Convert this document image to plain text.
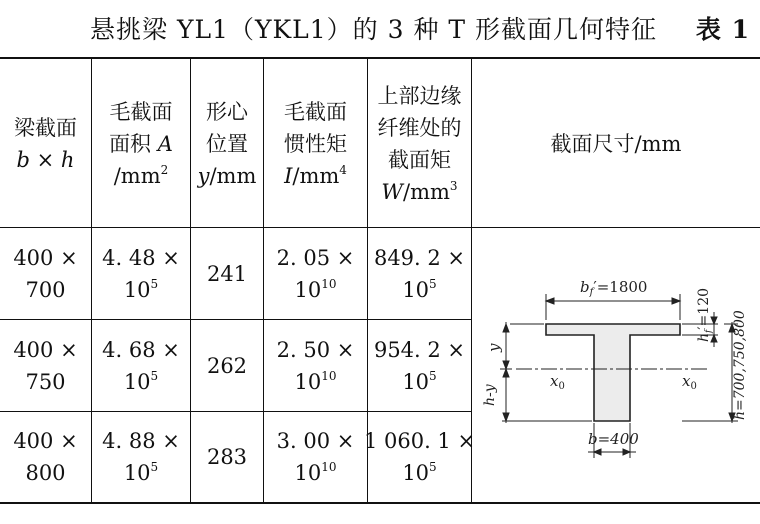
悬挑梁 YL1（YKL1）的 3 种 T 形截面几何特征 表 1
梁截面
b × h
毛截面
面积 A
$/mm^2$
形心
位置
y/mm
毛截面
惯性矩
$I/mm^4$
上部边缘
纤维处的
截面矩
$W/mm^3$
截面尺寸/mm
400 ×
700
4. 48 ×
$10^5$ 241
2. 05 ×
$10^{10}$
849. 2 ×
$10^5$
400 ×
750
4. 68 ×
$10^5$ 262
2. 50 ×
$10^{10}$
954. 2 ×
$10^5$
400 ×
800
4. 88 ×
$10^5$ 283
3. 00 ×
$10^{10}$
1 060. 1 ×
$10^5$
$b_f'=1800$
$h_f'=120$
h=700,750,800
y
h-y
$x_0$	$x_0$
b=400
